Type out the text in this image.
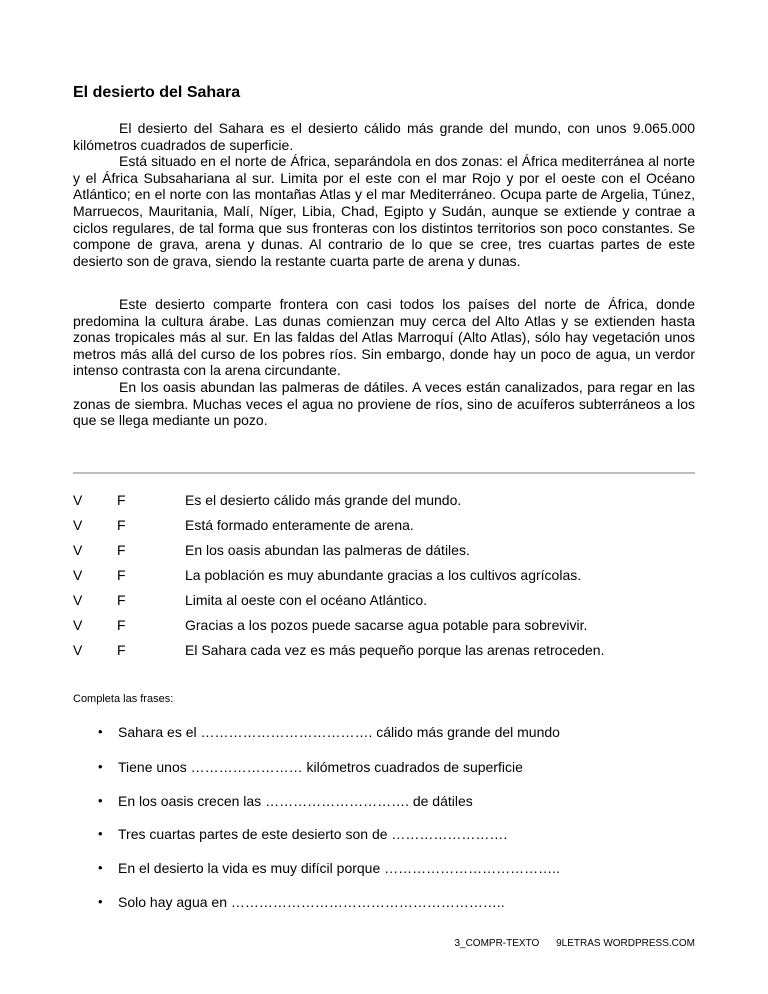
El desierto del Sahara

El desierto del Sahara es el desierto cálido más grande del mundo, con unos 9.065.000 kilómetros cuadrados de superficie.

Está situado en el norte de África, separándola en dos zonas: el África mediterránea al norte y el África Subsahariana al sur. Limita por el este con el mar Rojo y por el oeste con el Océano Atlántico; en el norte con las montañas Atlas y el mar Mediterráneo. Ocupa parte de Argelia, Túnez, Marruecos, Mauritania, Malí, Níger, Libia, Chad, Egipto y Sudán, aunque se extiende y contrae a ciclos regulares, de tal forma que sus fronteras con los distintos territorios son poco constantes. Se compone de grava, arena y dunas. Al contrario de lo que se cree, tres cuartas partes de este desierto son de grava, siendo la restante cuarta parte de arena y dunas.

Este desierto comparte frontera con casi todos los países del norte de África, donde predomina la cultura árabe. Las dunas comienzan muy cerca del Alto Atlas y se extienden hasta zonas tropicales más al sur. En las faldas del Atlas Marroquí (Alto Atlas), sólo hay vegetación unos metros más allá del curso de los pobres ríos. Sin embargo, donde hay un poco de agua, un verdor intenso contrasta con la arena circundante.

En los oasis abundan las palmeras de dátiles. A veces están canalizados, para regar en las zonas de siembra. Muchas veces el agua no proviene de ríos, sino de acuíferos subterráneos a los que se llega mediante un pozo.

V F	Es el desierto cálido más grande del mundo.
V F	Está formado enteramente de arena.
V F	En los oasis abundan las palmeras de dátiles.
V F	La población es muy abundante gracias a los cultivos agrícolas.
V F	Limita al oeste con el océano Atlántico.
V F	Gracias a los pozos puede sacarse agua potable para sobrevivir.
V F	El Sahara cada vez es más pequeño porque las arenas retroceden.

Completa las frases:

• Sahara es el ………………………………. cálido más grande del mundo
• Tiene unos …………………… kilómetros cuadrados de superficie
• En los oasis crecen las …………………………. de dátiles
• Tres cuartas partes de este desierto son de …………………….
• En el desierto la vida es muy difícil porque ………………………………..
• Solo hay agua en …………………………………………………..
3_COMPR-TEXTO 9LETRAS WORDPRESS.COM
